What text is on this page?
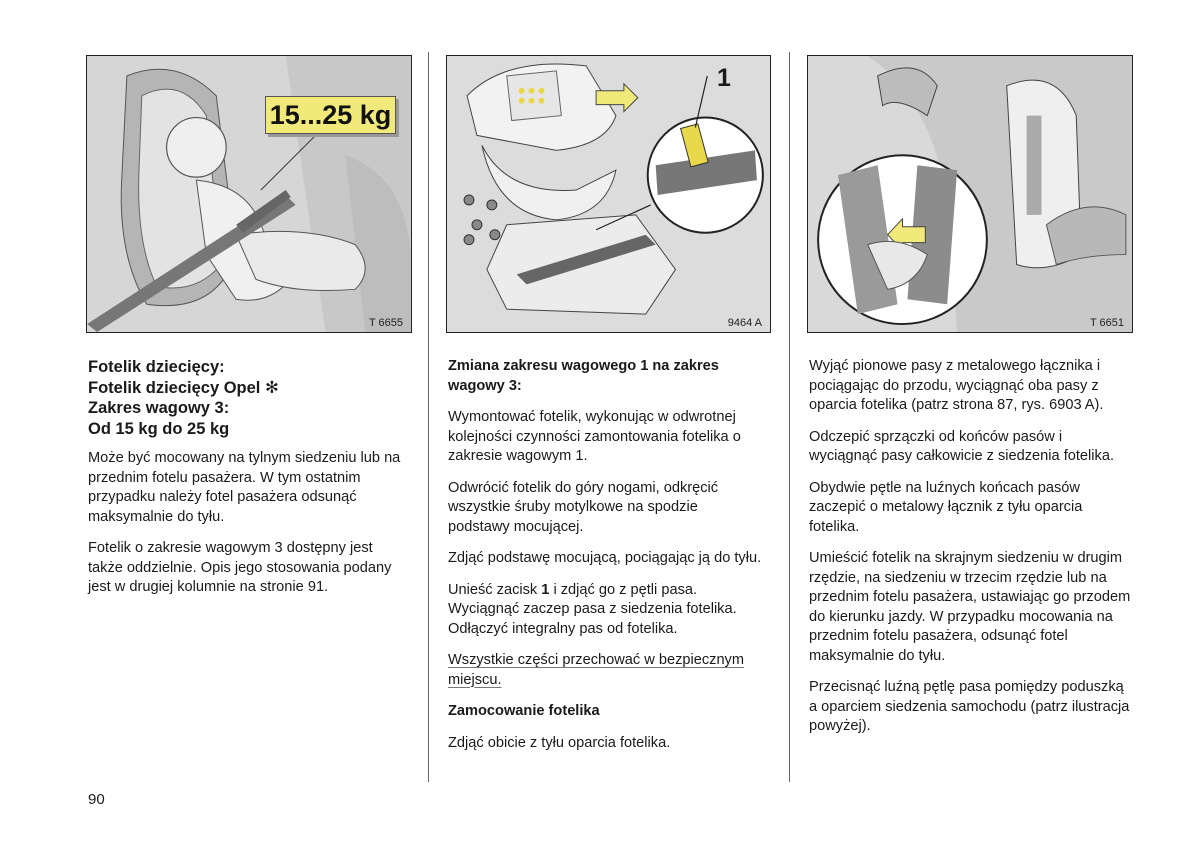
15...25 kg
T 6655
1
9464 A	T 6651
Fotelik dziecięcy:
Fotelik dziecięcy Opel ✻
Zakres wagowy 3:
Od 15 kg do 25 kg

Może być mocowany na tylnym siedzeniu lub na przednim fotelu pasażera. W tym ostatnim przypadku należy fotel pasażera odsunąć maksymalnie do tyłu.

Fotelik o zakresie wagowym 3 dostępny jest także oddzielnie. Opis jego stosowania podany jest w drugiej kolumnie na stronie 91.

Zmiana zakresu wagowego 1 na zakres wagowy 3:

Wymontować fotelik, wykonując w odwrotnej kolejności czynności zamontowania fotelika o zakresie wagowym 1.

Odwrócić fotelik do góry nogami, odkręcić wszystkie śruby motylkowe na spodzie podstawy mocującej.

Zdjąć podstawę mocującą, pociągając ją do tyłu.

Unieść zacisk 1 i zdjąć go z pętli pasa. Wyciągnąć zaczep pasa z siedzenia fotelika. Odłączyć integralny pas od fotelika.

Wszystkie części przechować w bezpiecznym miejscu.

Zamocowanie fotelika

Zdjąć obicie z tyłu oparcia fotelika.

Wyjąć pionowe pasy z metalowego łącznika i pociągając do przodu, wyciągnąć oba pasy z oparcia fotelika (patrz strona 87, rys. 6903 A).

Odczepić sprzączki od końców pasów i wyciągnąć pasy całkowicie z siedzenia fotelika.

Obydwie pętle na luźnych końcach pasów zaczepić o metalowy łącznik z tyłu oparcia fotelika.

Umieścić fotelik na skrajnym siedzeniu w drugim rzędzie, na siedzeniu w trzecim rzędzie lub na przednim fotelu pasażera, ustawiając go przodem do kierunku jazdy. W przypadku mocowania na przednim fotelu pasażera, odsunąć fotel maksymalnie do tyłu.

Przecisnąć luźną pętlę pasa pomiędzy poduszką a oparciem siedzenia samochodu (patrz ilustracja powyżej).

90
